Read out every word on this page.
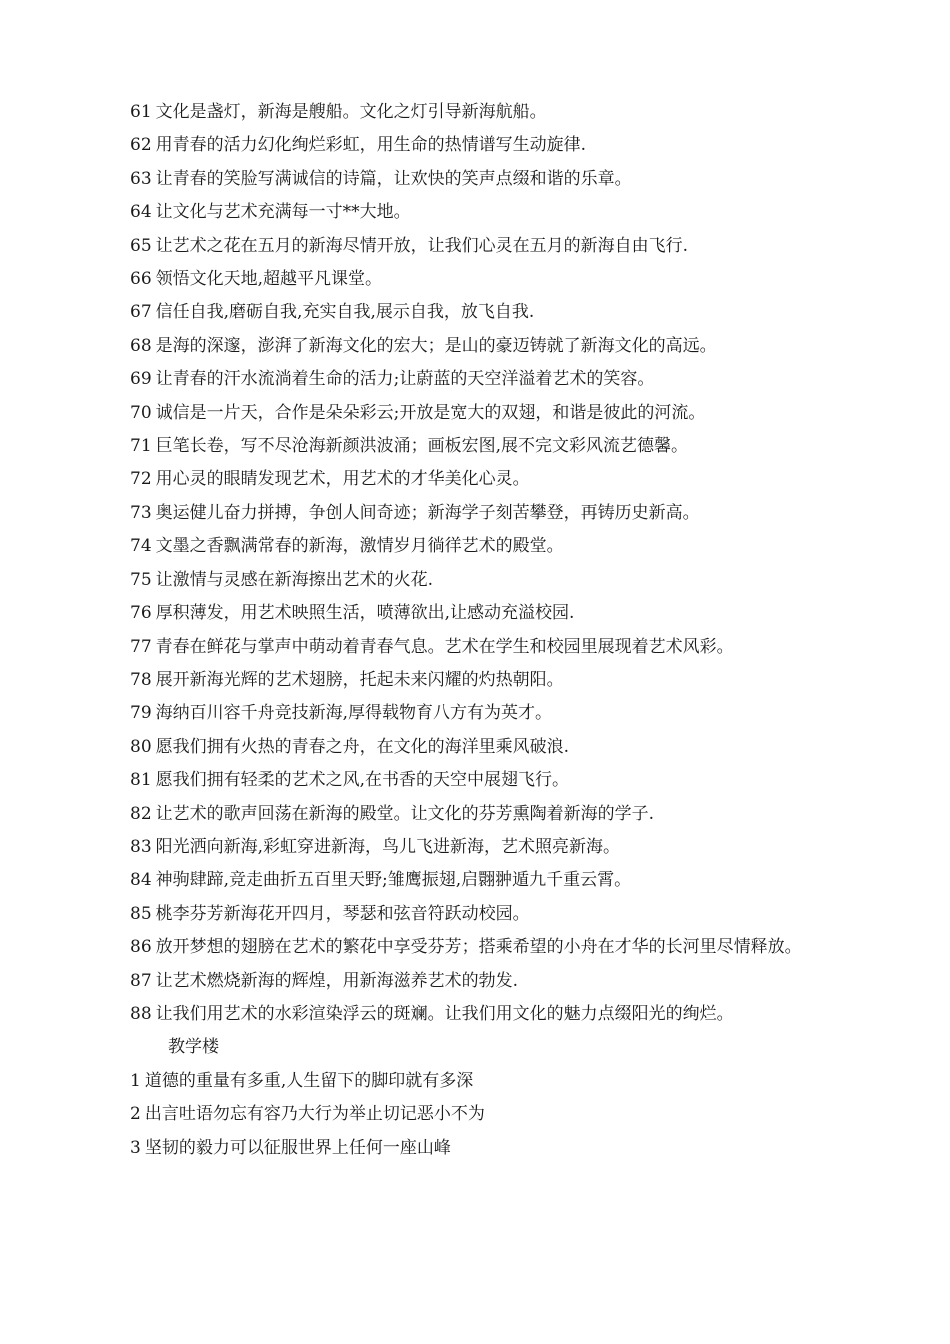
61 文化是盏灯，新海是艘船。文化之灯引导新海航船。

62 用青春的活力幻化绚烂彩虹，用生命的热情谱写生动旋律.

63 让青春的笑脸写满诚信的诗篇，让欢快的笑声点缀和谐的乐章。

64 让文化与艺术充满每一寸**大地。

65 让艺术之花在五月的新海尽情开放，让我们心灵在五月的新海自由飞行.

66 领悟文化天地,超越平凡课堂。

67 信任自我,磨砺自我,充实自我,展示自我，放飞自我.

68 是海的深邃，澎湃了新海文化的宏大；是山的豪迈铸就了新海文化的高远。

69 让青春的汗水流淌着生命的活力;让蔚蓝的天空洋溢着艺术的笑容。

70 诚信是一片天，合作是朵朵彩云;开放是宽大的双翅，和谐是彼此的河流。

71 巨笔长卷，写不尽沧海新颜洪波涌；画板宏图,展不完文彩风流艺德馨。

72 用心灵的眼睛发现艺术，用艺术的才华美化心灵。

73 奥运健儿奋力拼搏，争创人间奇迹；新海学子刻苦攀登，再铸历史新高。

74 文墨之香飘满常春的新海，激情岁月徜徉艺术的殿堂。

75 让激情与灵感在新海擦出艺术的火花.

76 厚积薄发，用艺术映照生活，喷薄欲出,让感动充溢校园.

77 青春在鲜花与掌声中萌动着青春气息。艺术在学生和校园里展现着艺术风彩。

78 展开新海光辉的艺术翅膀，托起未来闪耀的灼热朝阳。

79 海纳百川容千舟竞技新海,厚得载物育八方有为英才。

80 愿我们拥有火热的青春之舟，在文化的海洋里乘风破浪.

81 愿我们拥有轻柔的艺术之风,在书香的天空中展翅飞行。

82 让艺术的歌声回荡在新海的殿堂。让文化的芬芳熏陶着新海的学子.

83 阳光洒向新海,彩虹穿进新海，鸟儿飞进新海，艺术照亮新海。

84 神驹肆蹄,竞走曲折五百里天野;雏鹰振翅,启翾翀遁九千重云霄。

85 桃李芬芳新海花开四月，琴瑟和弦音符跃动校园。

86 放开梦想的翅膀在艺术的繁花中享受芬芳；搭乘希望的小舟在才华的长河里尽情释放。

87 让艺术燃烧新海的辉煌，用新海滋养艺术的勃发.

88 让我们用艺术的水彩渲染浮云的斑斓。让我们用文化的魅力点缀阳光的绚烂。

教学楼

1 道德的重量有多重,人生留下的脚印就有多深

2 出言吐语勿忘有容乃大行为举止切记恶小不为

3 坚韧的毅力可以征服世界上任何一座山峰
